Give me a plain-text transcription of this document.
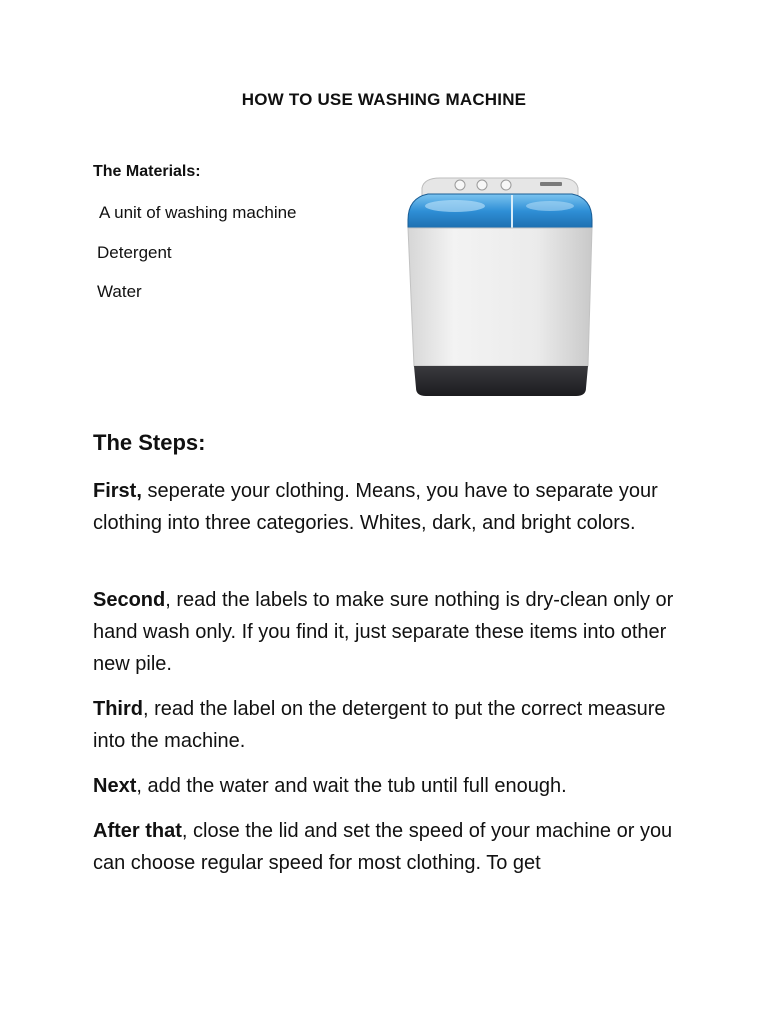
HOW TO USE WASHING MACHINE
The Materials:
A unit of washing machine
Detergent
Water
The Steps:
First, seperate your clothing. Means, you have to separate your clothing into three categories. Whites, dark, and bright colors.
Second, read the labels to make sure nothing is dry-clean only or hand wash only. If you find it, just separate these items into other new pile.
Third, read the label on the detergent to put the correct measure into the machine.
Next, add the water and wait the tub until full enough.
After that, close the lid and set the speed of your machine or you can choose regular speed for most clothing. To get
